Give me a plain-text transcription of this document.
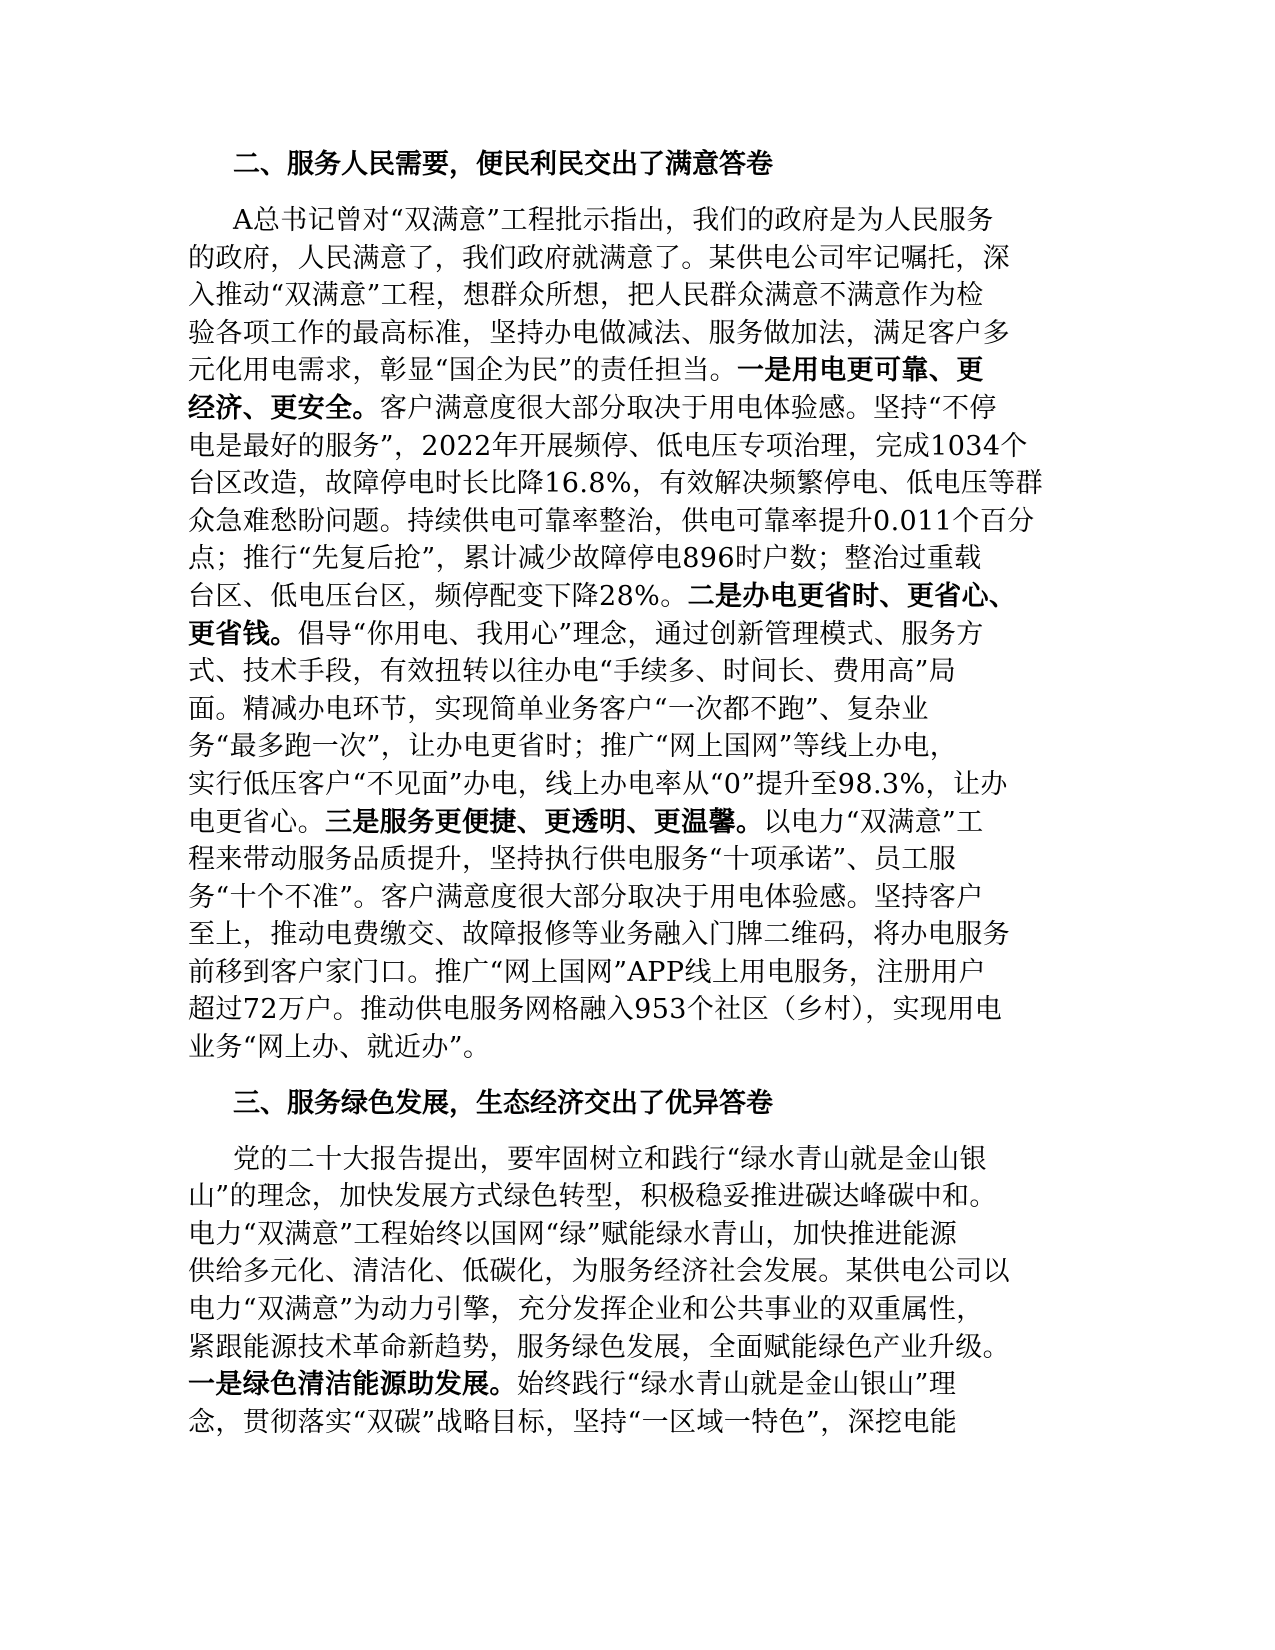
二、服务人民需要，便民利民交出了满意答卷
A总书记曾对“双满意”工程批示指出，我们的政府是为人民服务
的政府，人民满意了，我们政府就满意了。某供电公司牢记嘱托，深
入推动“双满意”工程，想群众所想，把人民群众满意不满意作为检
验各项工作的最高标准，坚持办电做减法、服务做加法，满足客户多
元化用电需求，彰显“国企为民”的责任担当。一是用电更可靠、更
经济、更安全。客户满意度很大部分取决于用电体验感。坚持“不停
电是最好的服务”，2022年开展频停、低电压专项治理，完成1034个
台区改造，故障停电时长比降16.8%，有效解决频繁停电、低电压等群
众急难愁盼问题。持续供电可靠率整治，供电可靠率提升0.011个百分
点；推行“先复后抢”，累计减少故障停电896时户数；整治过重载
台区、低电压台区，频停配变下降28%。二是办电更省时、更省心、
更省钱。倡导“你用电、我用心”理念，通过创新管理模式、服务方
式、技术手段，有效扭转以往办电“手续多、时间长、费用高”局
面。精减办电环节，实现简单业务客户“一次都不跑”、复杂业
务“最多跑一次”，让办电更省时；推广“网上国网”等线上办电，
实行低压客户“不见面”办电，线上办电率从“0”提升至98.3%，让办
电更省心。三是服务更便捷、更透明、更温馨。以电力“双满意”工
程来带动服务品质提升，坚持执行供电服务“十项承诺”、员工服
务“十个不准”。客户满意度很大部分取决于用电体验感。坚持客户
至上，推动电费缴交、故障报修等业务融入门牌二维码，将办电服务
前移到客户家门口。推广“网上国网”APP线上用电服务，注册用户
超过72万户。推动供电服务网格融入953个社区（乡村），实现用电
业务“网上办、就近办”。
三、服务绿色发展，生态经济交出了优异答卷
党的二十大报告提出，要牢固树立和践行“绿水青山就是金山银
山”的理念，加快发展方式绿色转型，积极稳妥推进碳达峰碳中和。
电力“双满意”工程始终以国网“绿”赋能绿水青山，加快推进能源
供给多元化、清洁化、低碳化，为服务经济社会发展。某供电公司以
电力“双满意”为动力引擎，充分发挥企业和公共事业的双重属性，
紧跟能源技术革命新趋势，服务绿色发展，全面赋能绿色产业升级。
一是绿色清洁能源助发展。始终践行“绿水青山就是金山银山”理
念，贯彻落实“双碳”战略目标，坚持“一区域一特色”，深挖电能
